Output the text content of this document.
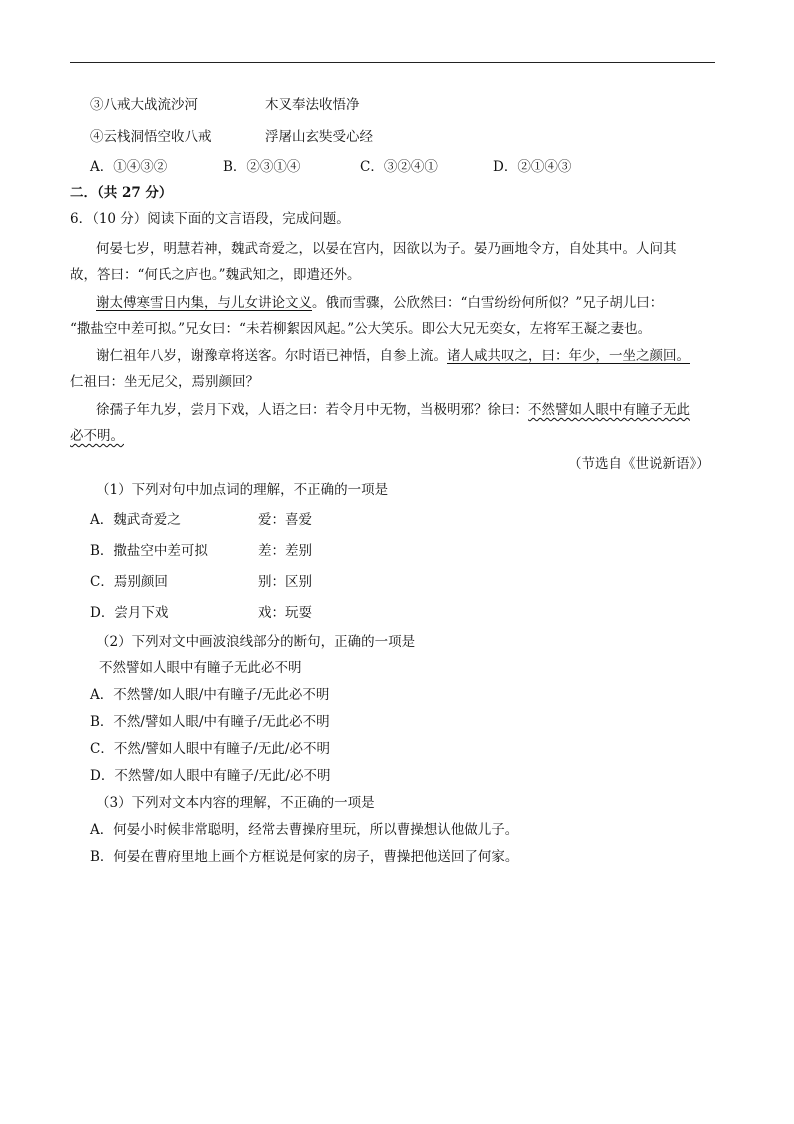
③八戒大战流沙河	木叉奉法收悟净
④云栈洞悟空收八戒	浮屠山玄奘受心经
A．①④③②	B．②③①④	C．③②④①	D．②①④③
二．（共 27 分）
6．（10 分）阅读下面的文言语段，完成问题。
何晏七岁，明慧若神，魏武奇爱之，以晏在宫内，因欲以为子。晏乃画地令方，自处其中。人问其
故，答曰：“何氏之庐也。”魏武知之，即遣还外。
谢太傅寒雪日内集，与儿女讲论文义。俄而雪骤，公欣然曰：“白雪纷纷何所似？”兄子胡儿曰：
“撒盐空中差可拟。”兄女曰：“未若柳絮因风起。”公大笑乐。即公大兄无奕女，左将军王凝之妻也。
谢仁祖年八岁，谢豫章将送客。尔时语已神悟，自参上流。诸人咸共叹之，曰：年少，一坐之颜回。
仁祖曰：坐无尼父，焉别颜回？
徐孺子年九岁，尝月下戏，人语之曰：若令月中无物，当极明邪？徐曰：不然譬如人眼中有瞳子无此
必不明。
（节选自《世说新语》）
（1）下列对句中加点词的理解，不正确的一项是
A．魏武奇爱之	爱：喜爱
B．撒盐空中差可拟	差：差别
C．焉别颜回	别：区别
D．尝月下戏	戏：玩耍
（2）下列对文中画波浪线部分的断句，正确的一项是
不然譬如人眼中有瞳子无此必不明
A．不然譬/如人眼/中有瞳子/无此必不明
B．不然/譬如人眼/中有瞳子/无此必不明
C．不然/譬如人眼中有瞳子/无此/必不明
D．不然譬/如人眼中有瞳子/无此/必不明
（3）下列对文本内容的理解，不正确的一项是
A．何晏小时候非常聪明，经常去曹操府里玩，所以曹操想认他做儿子。
B．何晏在曹府里地上画个方框说是何家的房子，曹操把他送回了何家。
